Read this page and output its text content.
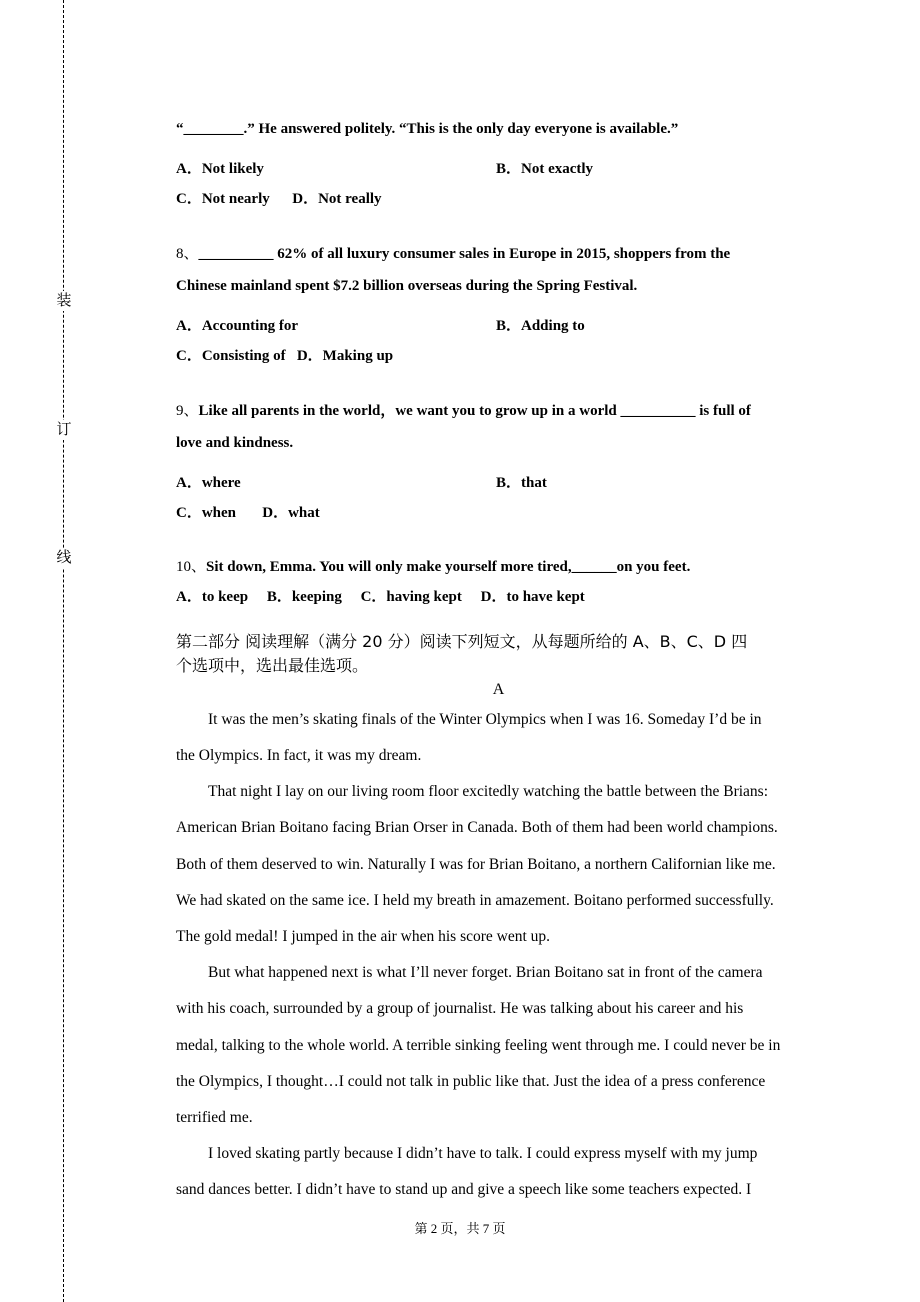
装
订
线
“________.” He answered politely. “This is the only day everyone is available.”
A．Not likely	B．Not exactly
C．Not nearly      D．Not really
8、__________ 62% of all luxury consumer sales in Europe in 2015, shoppers from the
Chinese mainland spent $7.2 billion overseas during the Spring Festival.
A．Accounting for	B．Adding to
C．Consisting of   D．Making up
9、Like all parents in the world，we want you to grow up in a world __________ is full of
love and kindness.
A．where	B．that
C．when       D．what
10、Sit down, Emma. You will only make yourself more tired,______on you feet.
A．to keep     B．keeping     C．having kept     D．to have kept
第二部分 阅读理解（满分 20 分）阅读下列短文，从每题所给的 A、B、C、D 四
个选项中，选出最佳选项。
A
It was the men’s skating finals of the Winter Olympics when I was 16. Someday I’d be in
the Olympics. In fact, it was my dream.
That night I lay on our living room floor excitedly watching the battle between the Brians:
American Brian Boitano facing Brian Orser in Canada. Both of them had been world champions.
Both of them deserved to win. Naturally I was for Brian Boitano, a northern Californian like me.
We had skated on the same ice. I held my breath in amazement. Boitano performed successfully.
The gold medal! I jumped in the air when his score went up.
But what happened next is what I’ll never forget. Brian Boitano sat in front of the camera
with his coach, surrounded by a group of journalist. He was talking about his career and his
medal, talking to the whole world. A terrible sinking feeling went through me. I could never be in
the Olympics, I thought…I could not talk in public like that. Just the idea of a press conference
terrified me.
I loved skating partly because I didn’t have to talk. I could express myself with my jump
sand dances better. I didn’t have to stand up and give a speech like some teachers expected. I
第 2 页，共 7 页
